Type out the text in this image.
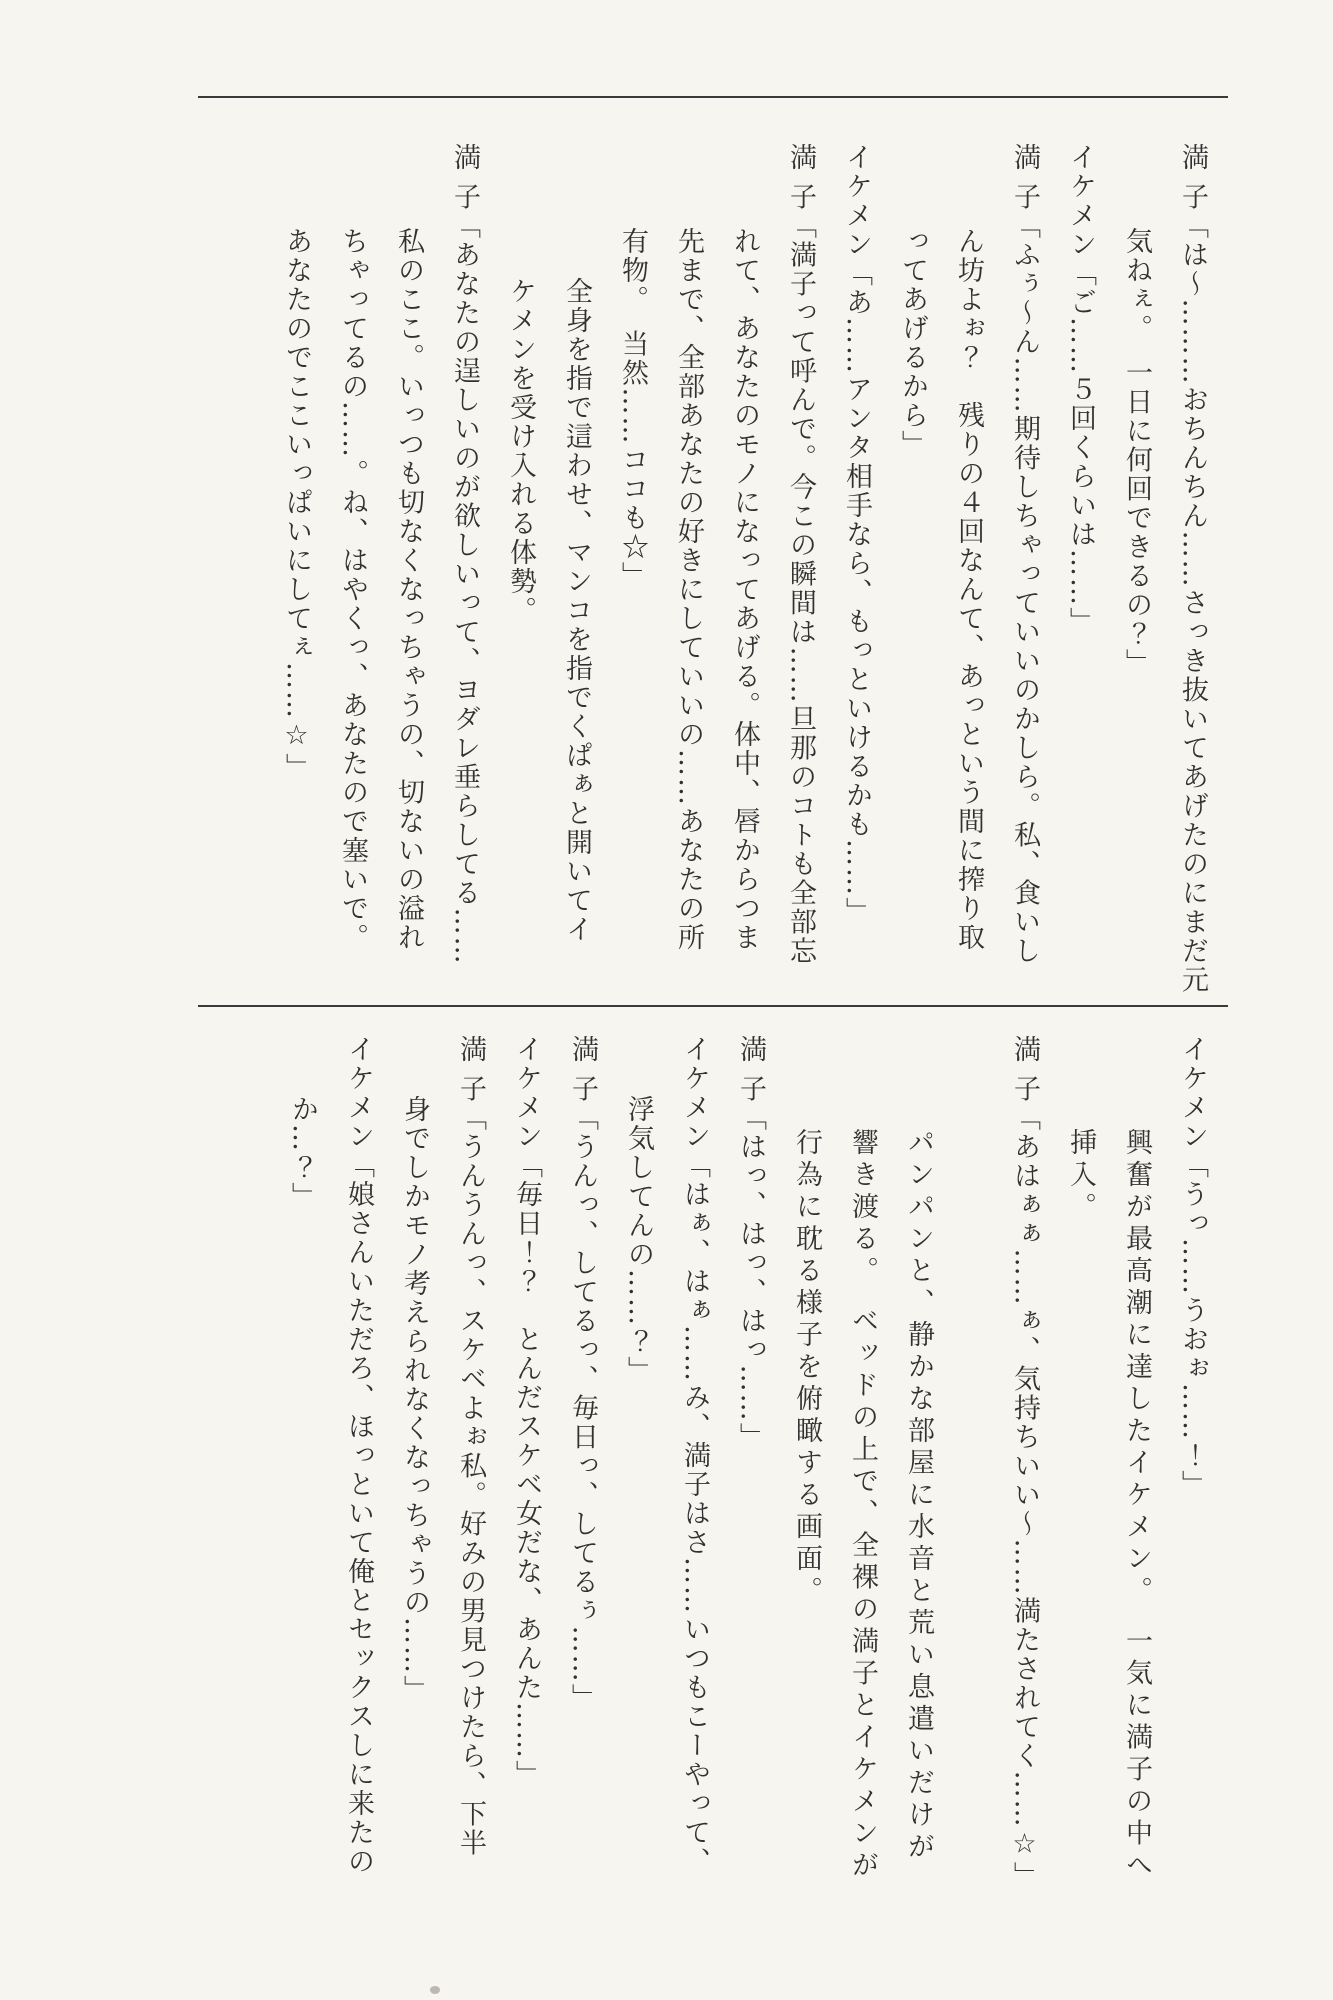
満 子「は〜………おちんちん……さっき抜いてあげたのにまだ元
気ねぇ。　一日に何回できるの？」
イケメン「ご……５回くらいは……」
満 子「ふぅ〜ん……期待しちゃっていいのかしら。私、食いし
ん坊よぉ？　残りの４回なんて、あっという間に搾り取
ってあげるから」
イケメン「あ……アンタ相手なら、もっといけるかも……」
満 子「満子って呼んで。今この瞬間は……旦那のコトも全部忘
れて、あなたのモノになってあげる。体中、唇からつま
先まで、全部あなたの好きにしていいの……あなたの所
有物。　当然……ココも☆」
全身を指で這わせ、マンコを指でくぱぁと開いてイ
ケメンを受け入れる体勢。
満 子「あなたの逞しいのが欲しいって、ヨダレ垂らしてる……
私のここ。いっつも切なくなっちゃうの、切ないの溢れ
ちゃってるの……。ね、はやくっ、あなたので塞いで。
あなたのでここいっぱいにしてぇ……☆」
イケメン「うっ……うおぉ……！」
興奮が最高潮に達したイケメン。　一気に満子の中へ
挿入。
満 子「あはぁぁ……ぁ、気持ちいい〜……満たされてく……☆」
パンパンと、静かな部屋に水音と荒い息遣いだけが
響き渡る。　ベッドの上で、全裸の満子とイケメンが
行為に耽る様子を俯瞰する画面。
満 子「はっ、はっ、はっ……」
イケメン「はぁ、はぁ……み、満子はさ……いつもこーやって、
浮気してんの……？」
満 子「うんっ、してるっ、毎日っ、してるぅ……」
イケメン「毎日！？　とんだスケベ女だな、あんた……」
満 子「うんうんっ、スケベよぉ私。好みの男見つけたら、下半
身でしかモノ考えられなくなっちゃうの……」
イケメン「娘さんいただろ、ほっといて俺とセックスしに来たの
か…？」
